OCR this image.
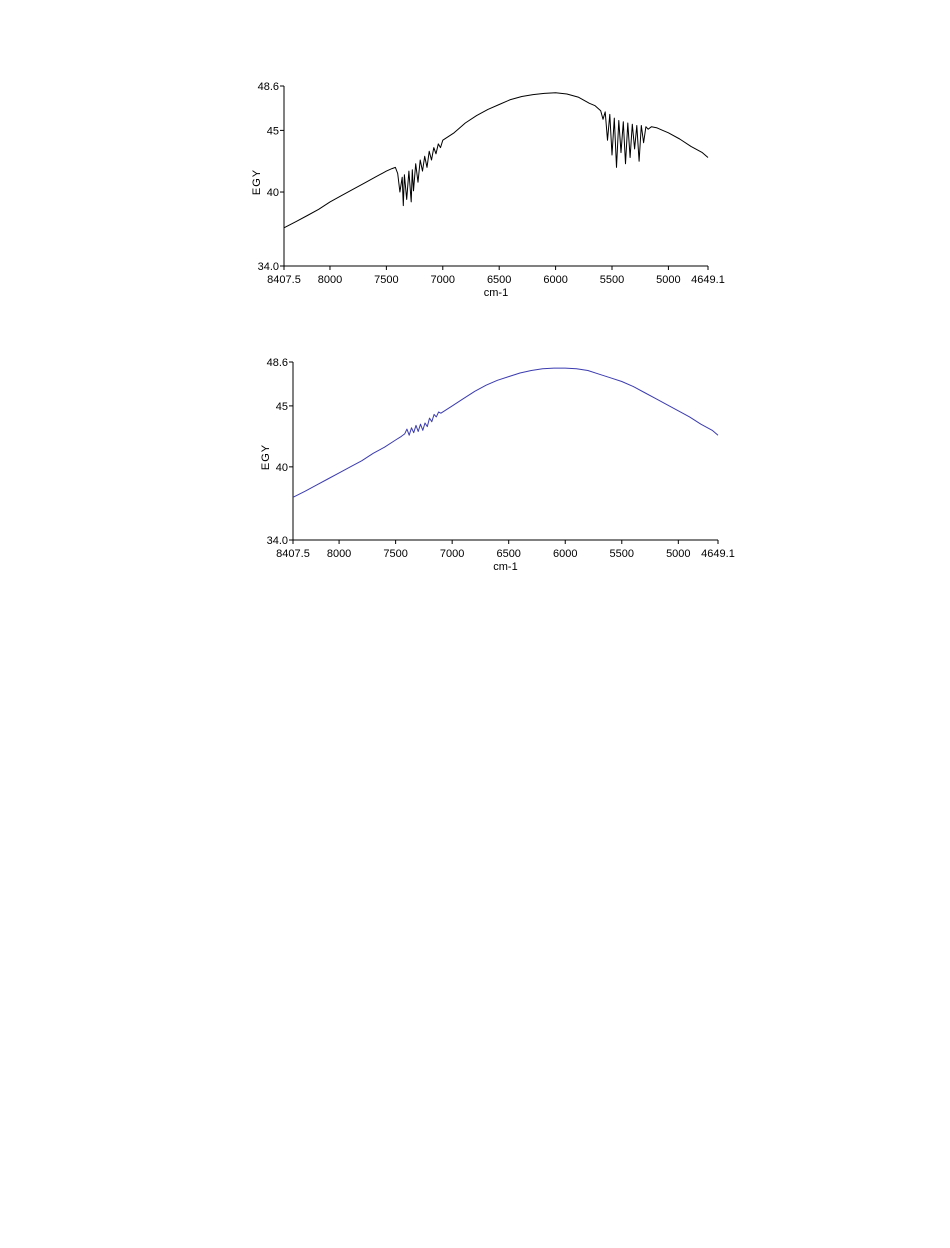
8407.5 8000	7500	7000	6500	6000	5500	5000 4649.1
48.6
45
40
34.0
cm-1
EGY
8407.5 8000	7500	7000	6500	6000	5500	5000 4649.1
48.6
45
40
34.0
cm-1
EGY
